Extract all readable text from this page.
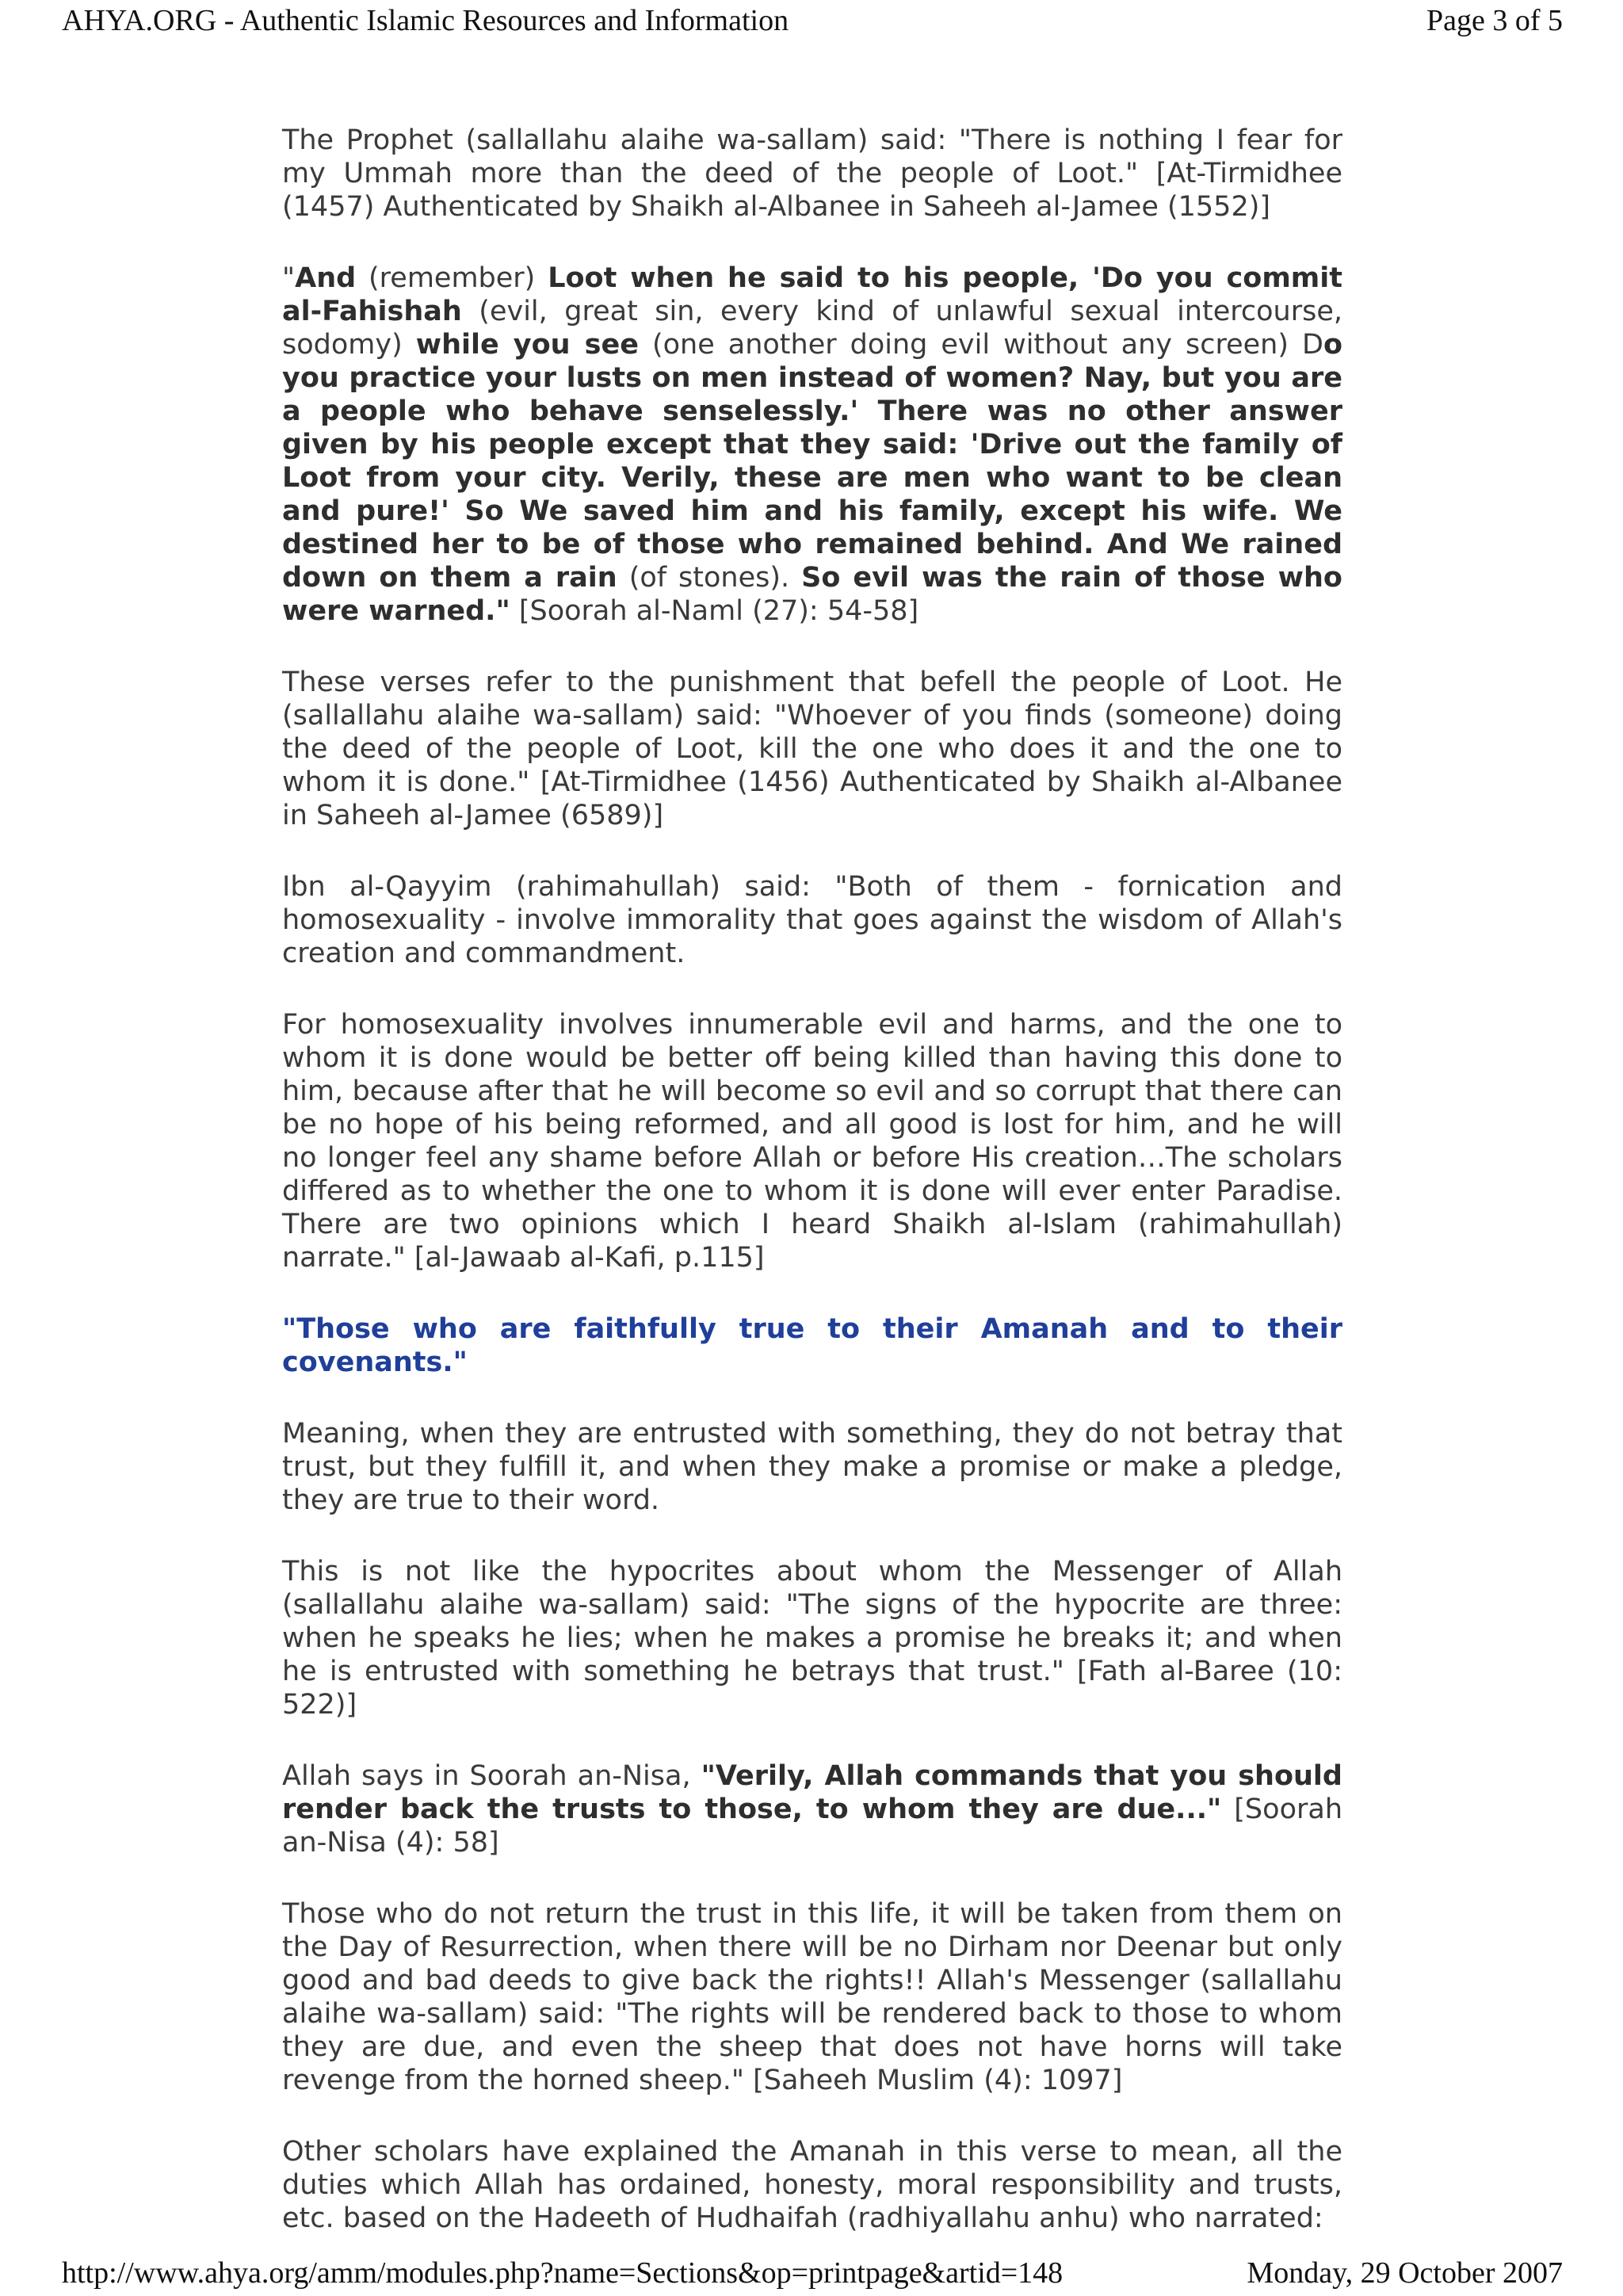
AHYA.ORG - Authentic Islamic Resources and Information	Page 3 of 5

The Prophet (sallallahu alaihe wa-sallam) said: "There is nothing I fear for my Ummah more than the deed of the people of Loot." [At-Tirmidhee (1457) Authenticated by Shaikh al-Albanee in Saheeh al-Jamee (1552)]

"And (remember) Loot when he said to his people, 'Do you commit al-Fahishah (evil, great sin, every kind of unlawful sexual intercourse, sodomy) while you see (one another doing evil without any screen) Do you practice your lusts on men instead of women? Nay, but you are a people who behave senselessly.' There was no other answer given by his people except that they said: 'Drive out the family of Loot from your city. Verily, these are men who want to be clean and pure!' So We saved him and his family, except his wife. We destined her to be of those who remained behind. And We rained down on them a rain (of stones). So evil was the rain of those who were warned." [Soorah al-Naml (27): 54-58]

These verses refer to the punishment that befell the people of Loot. He (sallallahu alaihe wa-sallam) said: "Whoever of you finds (someone) doing the deed of the people of Loot, kill the one who does it and the one to whom it is done." [At-Tirmidhee (1456) Authenticated by Shaikh al-Albanee in Saheeh al-Jamee (6589)]

Ibn al-Qayyim (rahimahullah) said: "Both of them - fornication and homosexuality - involve immorality that goes against the wisdom of Allah's creation and commandment.

For homosexuality involves innumerable evil and harms, and the one to whom it is done would be better off being killed than having this done to him, because after that he will become so evil and so corrupt that there can be no hope of his being reformed, and all good is lost for him, and he will no longer feel any shame before Allah or before His creation…The scholars differed as to whether the one to whom it is done will ever enter Paradise. There are two opinions which I heard Shaikh al-Islam (rahimahullah) narrate." [al-Jawaab al-Kafi, p.115]

"Those who are faithfully true to their Amanah and to their covenants."

Meaning, when they are entrusted with something, they do not betray that trust, but they fulfill it, and when they make a promise or make a pledge, they are true to their word.

This is not like the hypocrites about whom the Messenger of Allah (sallallahu alaihe wa-sallam) said: "The signs of the hypocrite are three: when he speaks he lies; when he makes a promise he breaks it; and when he is entrusted with something he betrays that trust." [Fath al-Baree (10: 522)]

Allah says in Soorah an-Nisa, "Verily, Allah commands that you should render back the trusts to those, to whom they are due..." [Soorah an-Nisa (4): 58]

Those who do not return the trust in this life, it will be taken from them on the Day of Resurrection, when there will be no Dirham nor Deenar but only good and bad deeds to give back the rights!! Allah's Messenger (sallallahu alaihe wa-sallam) said: "The rights will be rendered back to those to whom they are due, and even the sheep that does not have horns will take revenge from the horned sheep." [Saheeh Muslim (4): 1097]

Other scholars have explained the Amanah in this verse to mean, all the duties which Allah has ordained, honesty, moral responsibility and trusts, etc. based on the Hadeeth of Hudhaifah (radhiyallahu anhu) who narrated:

http://www.ahya.org/amm/modules.php?name=Sections&op=printpage&artid=148	Monday, 29 October 2007
